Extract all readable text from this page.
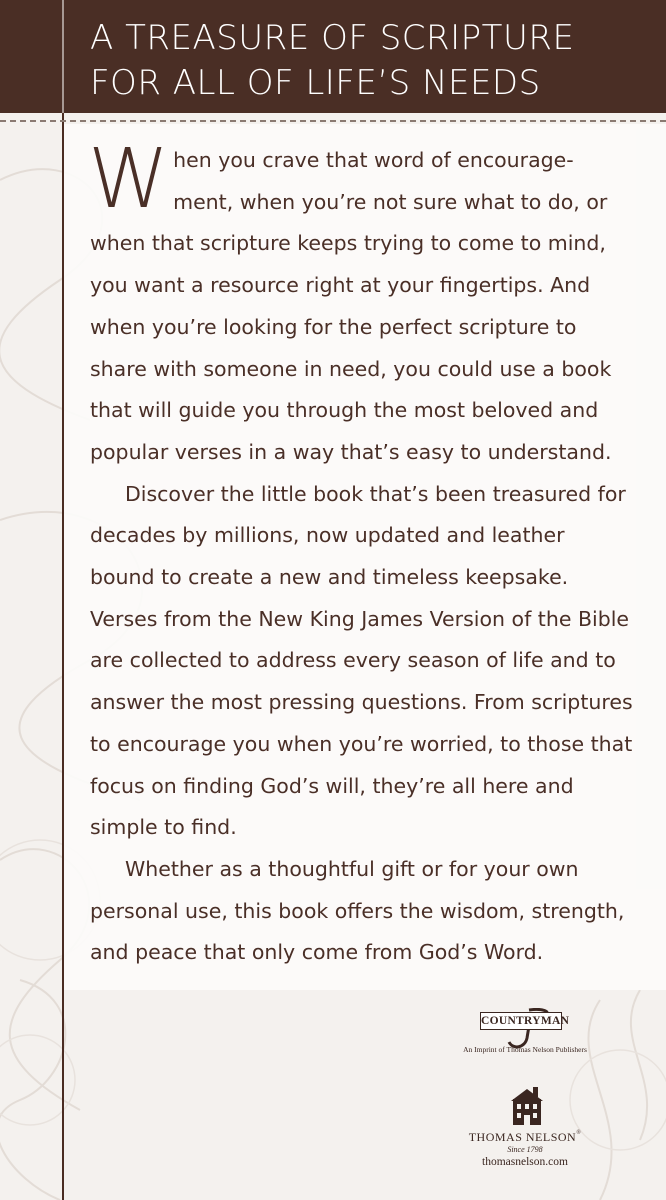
A TREASURE OF SCRIPTURE
FOR ALL OF LIFE’S NEEDS

When you crave that word of encourage- ment, when you’re not sure what to do, or when that scripture keeps trying to come to mind, you want a resource right at your fingertips. And when you’re looking for the perfect scripture to share with someone in need, you could use a book that will guide you through the most beloved and popular verses in a way that’s easy to understand.

Discover the little book that’s been treasured for decades by millions, now updated and leather bound to create a new and timeless keepsake. Verses from the New King James Version of the Bible are collected to address every season of life and to answer the most pressing questions. From scriptures to encourage you when you’re worried, to those that focus on finding God’s will, they’re all here and simple to find.

Whether as a thoughtful gift or for your own personal use, this book offers the wisdom, strength, and peace that only come from God’s Word.

COUNTRYMAN
An Imprint of Thomas Nelson Publishers
THOMAS NELSON®
Since 1798
thomasnelson.com
